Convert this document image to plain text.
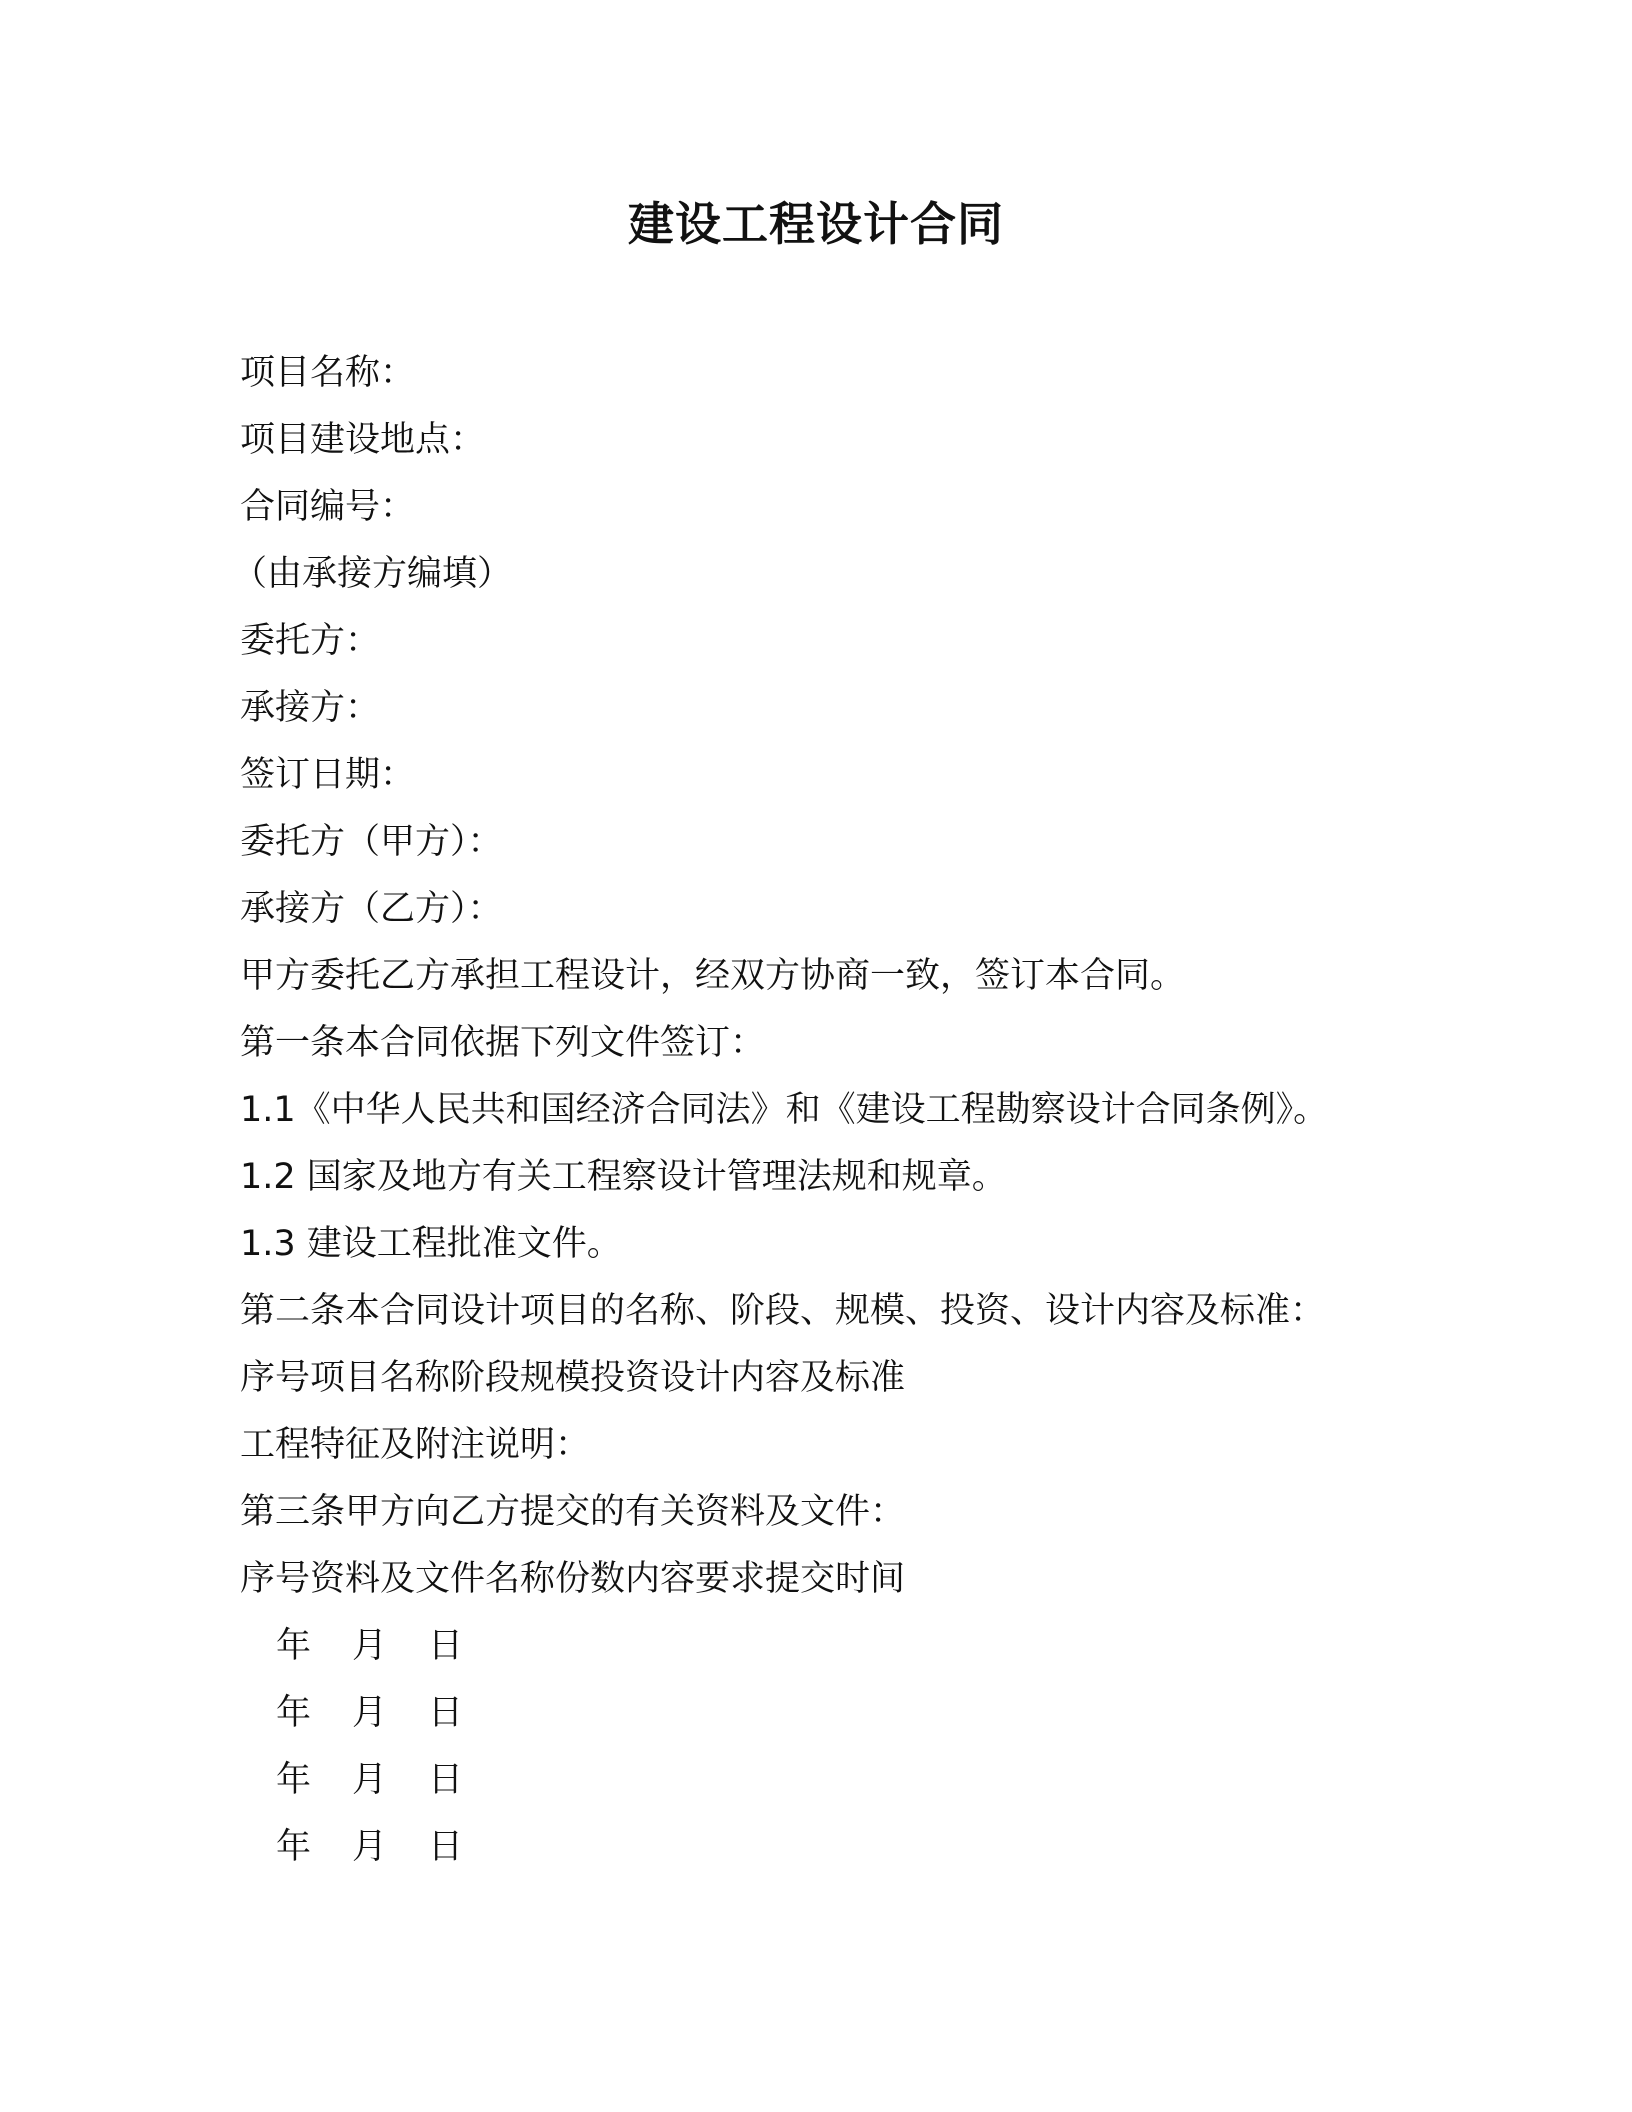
建设工程设计合同
项目名称：
项目建设地点：
合同编号：
（由承接方编填）
委托方：
承接方：
签订日期：
委托方（甲方）：
承接方（乙方）：
甲方委托乙方承担工程设计，经双方协商一致，签订本合同。
第一条本合同依据下列文件签订：
1.1《中华人民共和国经济合同法》和《建设工程勘察设计合同条例》。
1.2 国家及地方有关工程察设计管理法规和规章。
1.3 建设工程批准文件。
第二条本合同设计项目的名称、阶段、规模、投资、设计内容及标准：
序号项目名称阶段规模投资设计内容及标准
工程特征及附注说明：
第三条甲方向乙方提交的有关资料及文件：
序号资料及文件名称份数内容要求提交时间
年 月 日
年 月 日
年 月 日
年 月 日
